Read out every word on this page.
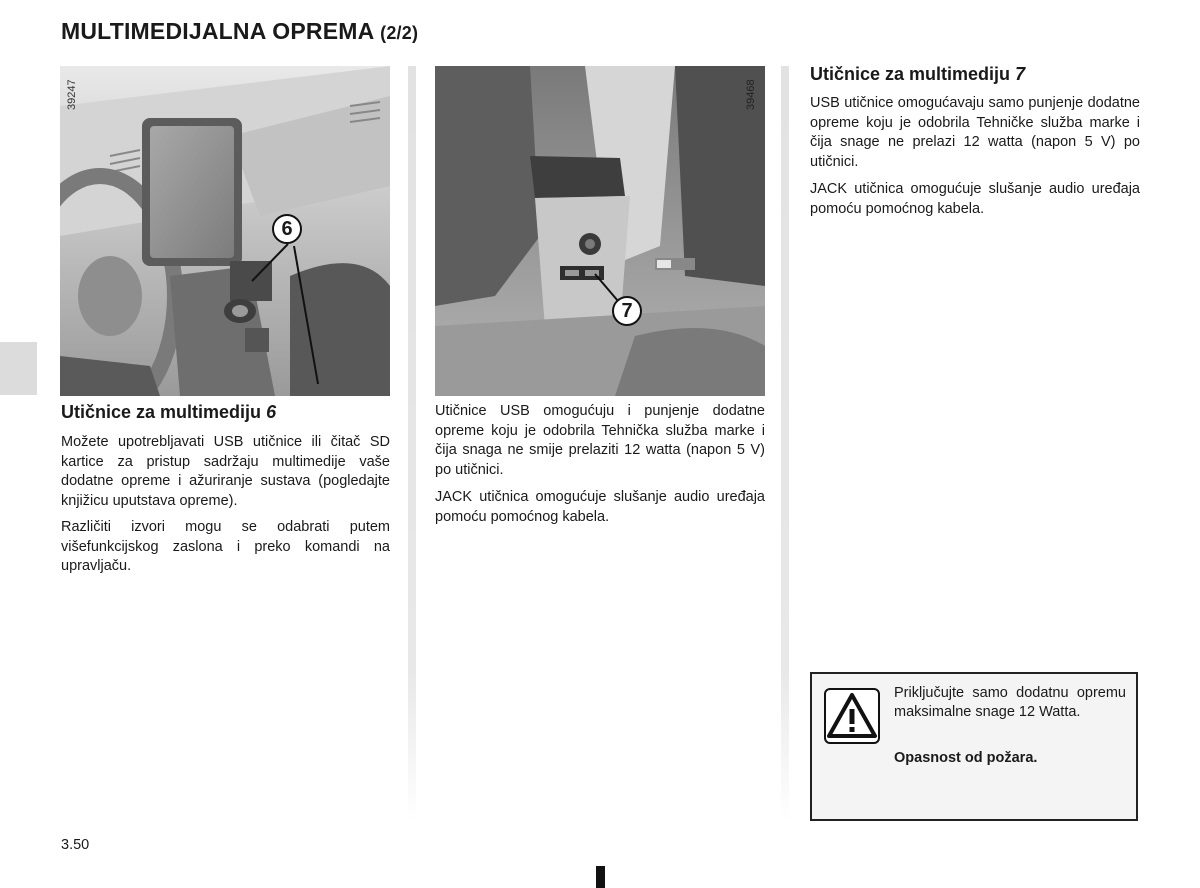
MULTIMEDIJALNA OPREMA (2/2)
6
39247
7
39468
Utičnice za multimediju 6

Možete upotrebljavati USB utičnice ili čitač SD kartice za pristup sadržaju multimedije vaše dodatne opreme i ažuriranje sustava (pogledajte knjižicu uputstava opreme).

Različiti izvori mogu se odabrati putem višefunkcijskog zaslona i preko komandi na upravljaču.

Utičnice USB omogućuju i punjenje dodatne opreme koju je odobrila Tehnička služba marke i čija snaga ne smije prelaziti 12 watta (napon 5 V) po utičnici.

JACK utičnica omogućuje slušanje audio uređaja pomoću pomoćnog kabela.

Utičnice za multimediju 7

USB utičnice omogućavaju samo punjenje dodatne opreme koju je odobrila Tehničke služba marke i čija snage ne prelazi 12 watta (napon 5 V) po utičnici.

JACK utičnica omogućuje slušanje audio uređaja pomoću pomoćnog kabela.

Priključujte samo dodatnu opremu maksimalne snage 12 Watta.
Opasnost od požara.
3.50
